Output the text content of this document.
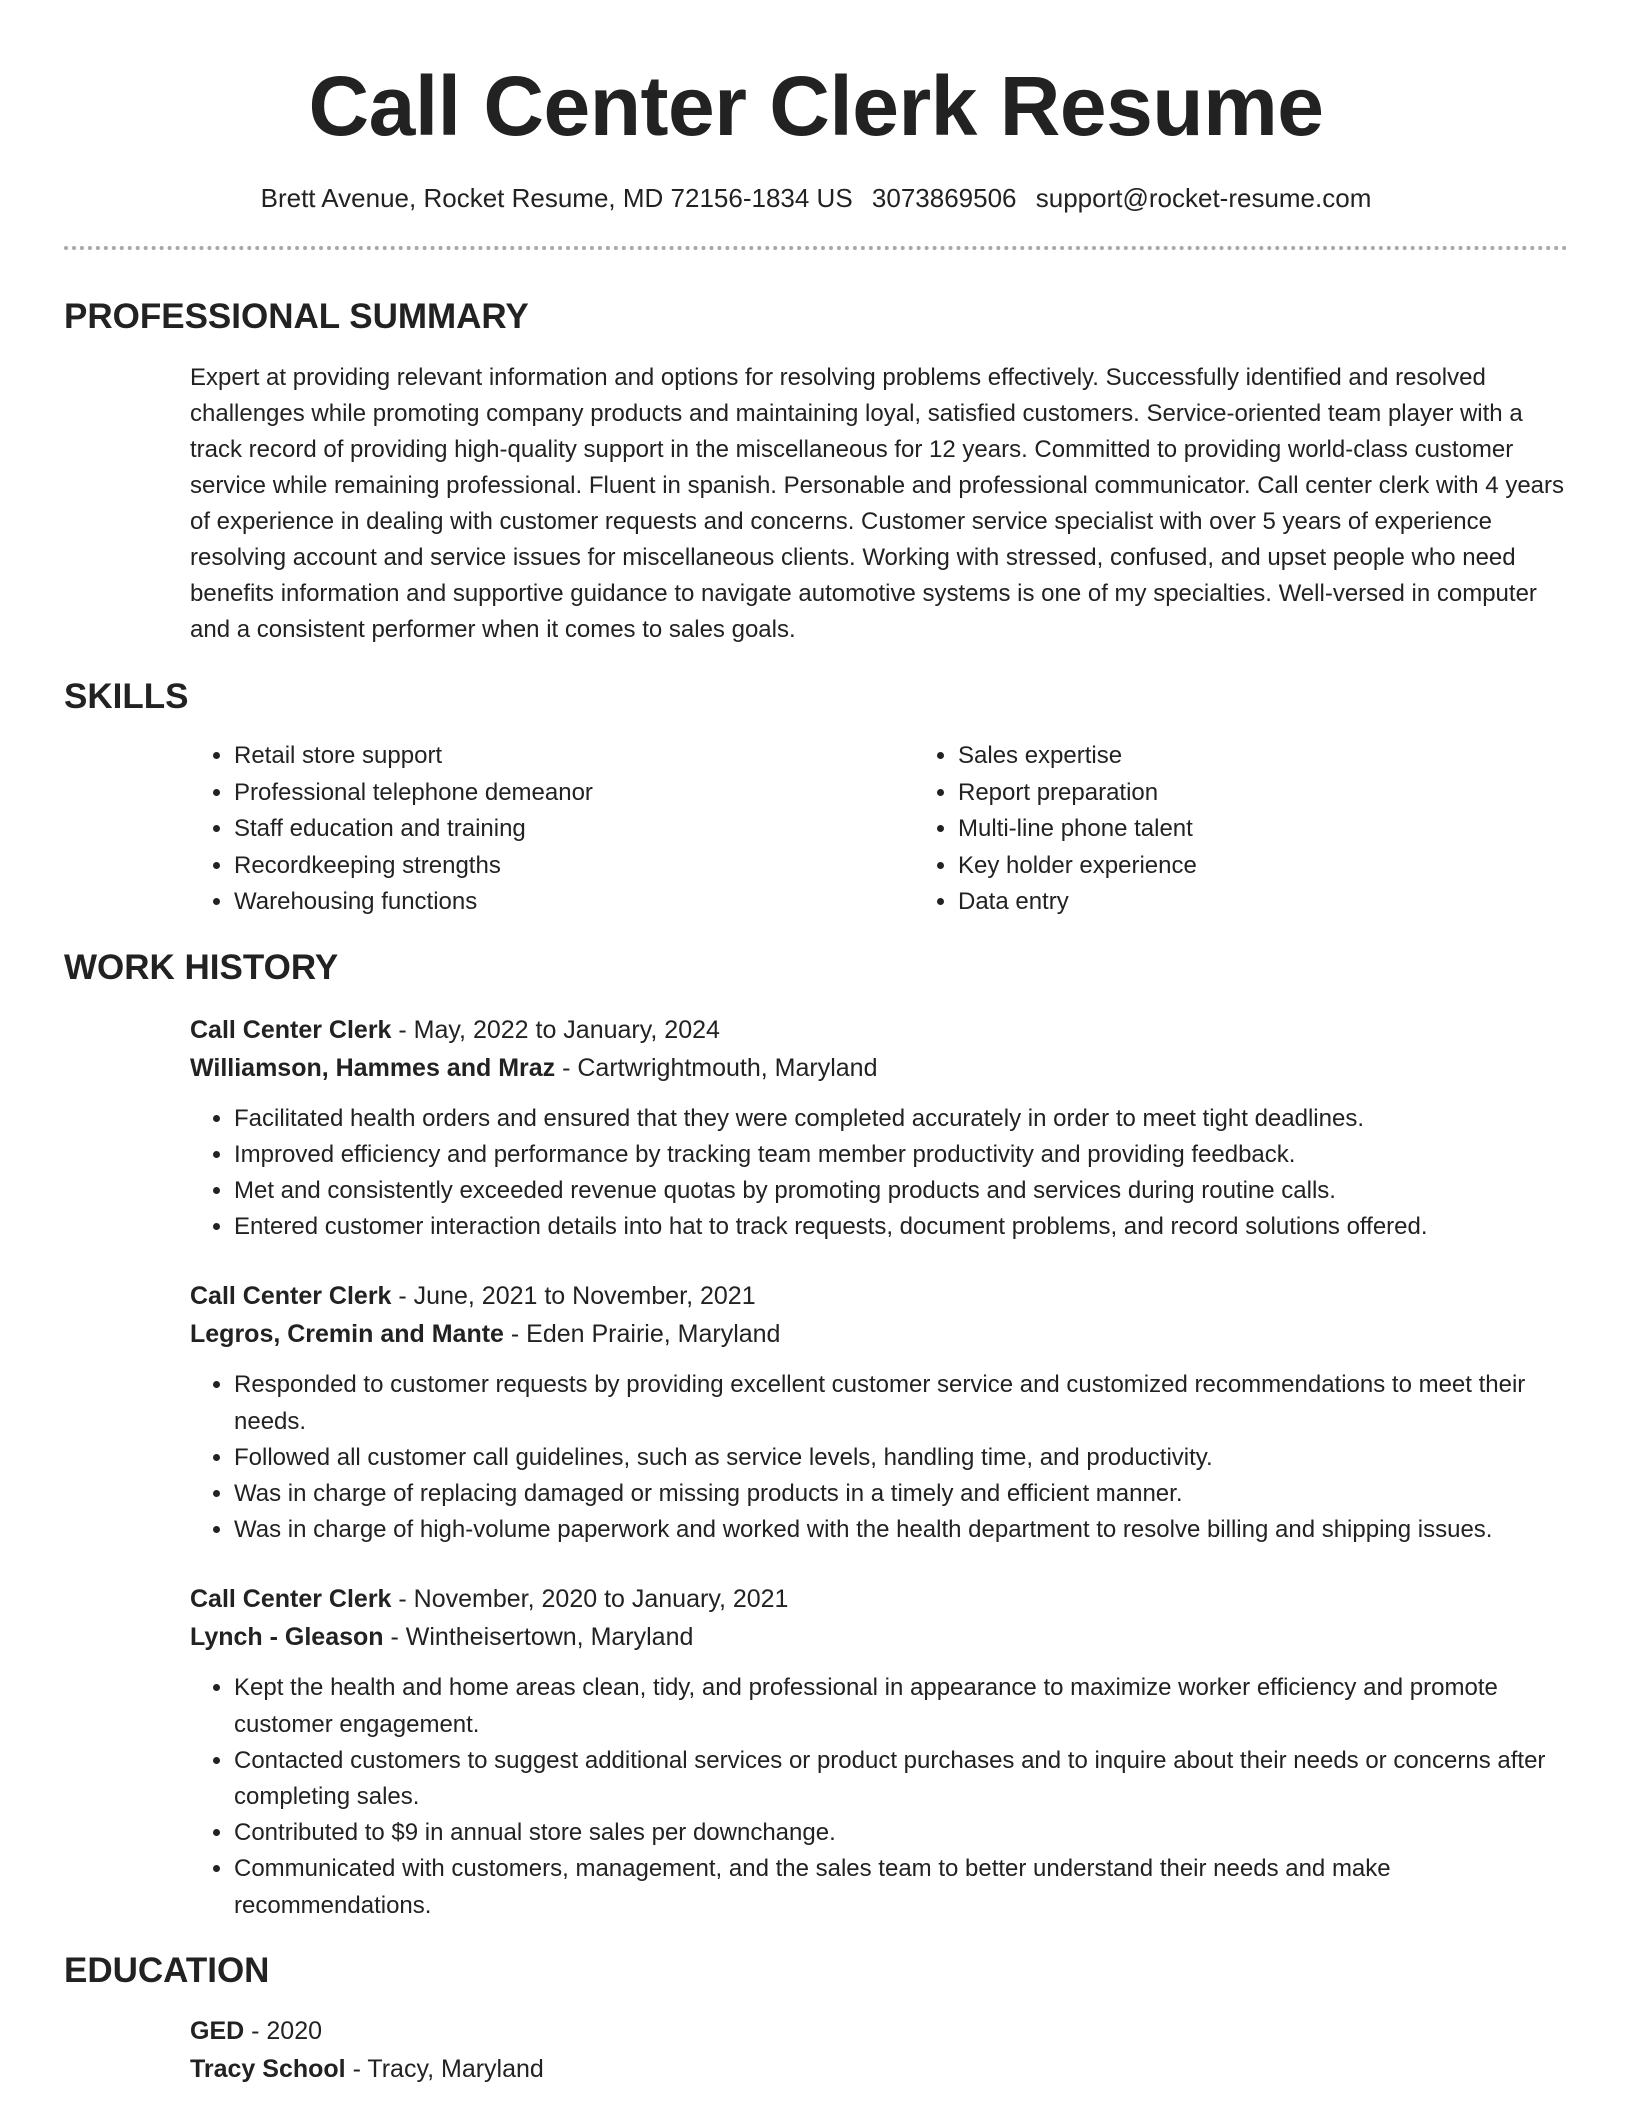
Call Center Clerk Resume
Brett Avenue, Rocket Resume, MD 72156-1834 US 3073869506 support@rocket-resume.com
PROFESSIONAL SUMMARY

Expert at providing relevant information and options for resolving problems effectively. Successfully identified and resolved challenges while promoting company products and maintaining loyal, satisfied customers. Service-oriented team player with a track record of providing high-quality support in the miscellaneous for 12 years. Committed to providing world-class customer service while remaining professional. Fluent in spanish. Personable and professional communicator. Call center clerk with 4 years of experience in dealing with customer requests and concerns. Customer service specialist with over 5 years of experience resolving account and service issues for miscellaneous clients. Working with stressed, confused, and upset people who need benefits information and supportive guidance to navigate automotive systems is one of my specialties. Well-versed in computer and a consistent performer when it comes to sales goals.

SKILLS
• Retail store support
• Professional telephone demeanor
• Staff education and training
• Recordkeeping strengths
• Warehousing functions
• Sales expertise
• Report preparation
• Multi-line phone talent
• Key holder experience
• Data entry
WORK HISTORY
Call Center Clerk - May, 2022 to January, 2024
Williamson, Hammes and Mraz - Cartwrightmouth, Maryland
• Facilitated health orders and ensured that they were completed accurately in order to meet tight deadlines.
• Improved efficiency and performance by tracking team member productivity and providing feedback.
• Met and consistently exceeded revenue quotas by promoting products and services during routine calls.
• Entered customer interaction details into hat to track requests, document problems, and record solutions offered.
Call Center Clerk - June, 2021 to November, 2021
Legros, Cremin and Mante - Eden Prairie, Maryland
• Responded to customer requests by providing excellent customer service and customized recommendations to meet their needs.
• Followed all customer call guidelines, such as service levels, handling time, and productivity.
• Was in charge of replacing damaged or missing products in a timely and efficient manner.
• Was in charge of high-volume paperwork and worked with the health department to resolve billing and shipping issues.
Call Center Clerk - November, 2020 to January, 2021
Lynch - Gleason - Wintheisertown, Maryland
• Kept the health and home areas clean, tidy, and professional in appearance to maximize worker efficiency and promote customer engagement.
• Contacted customers to suggest additional services or product purchases and to inquire about their needs or concerns after completing sales.
• Contributed to $9 in annual store sales per downchange.
• Communicated with customers, management, and the sales team to better understand their needs and make recommendations.
EDUCATION
GED - 2020
Tracy School - Tracy, Maryland
